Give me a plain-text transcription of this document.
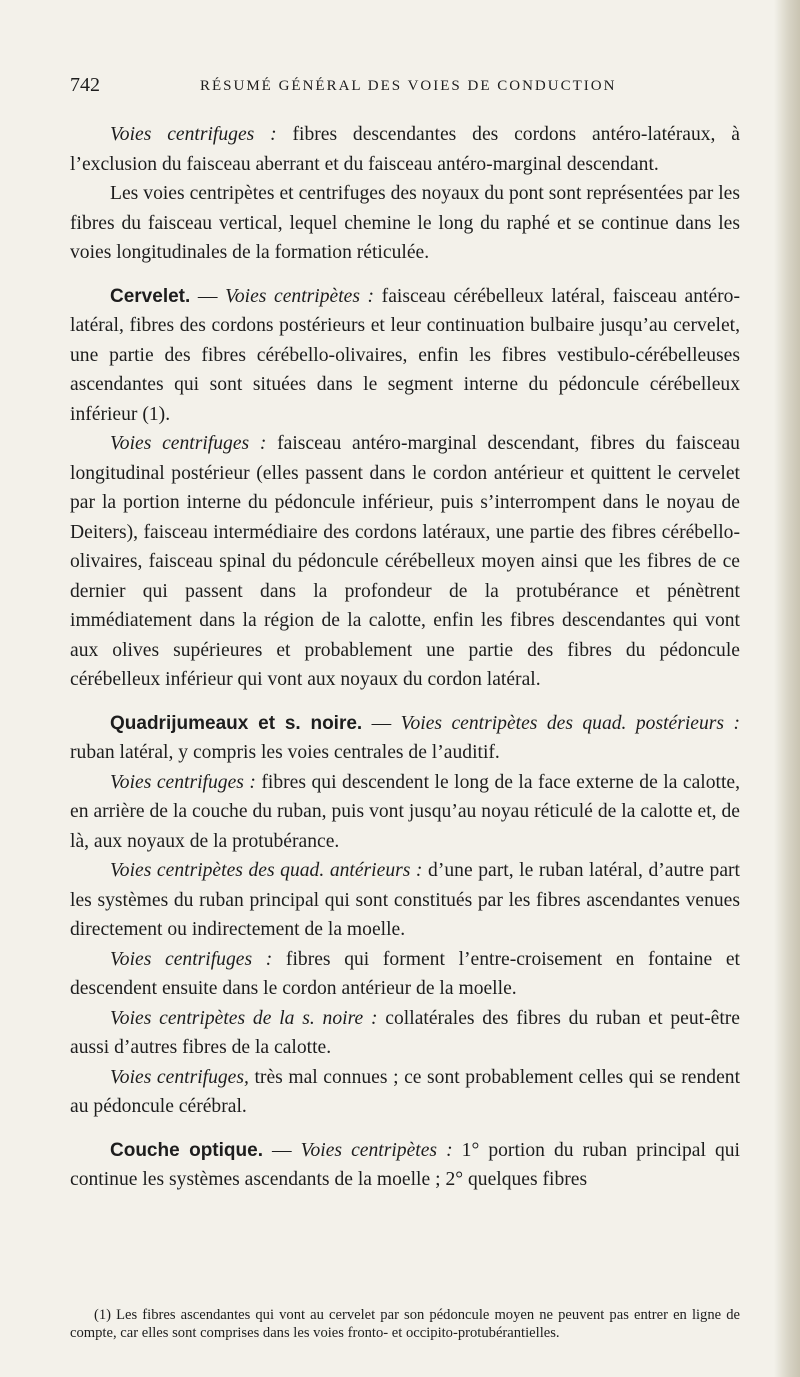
742	RÉSUMÉ GÉNÉRAL DES VOIES DE CONDUCTION

Voies centrifuges : fibres descendantes des cordons antéro-latéraux, à l’exclusion du faisceau aberrant et du faisceau antéro-marginal descendant.

Les voies centripètes et centrifuges des noyaux du pont sont représentées par les fibres du faisceau vertical, lequel chemine le long du raphé et se continue dans les voies longitudinales de la formation réticulée.

Cervelet. — Voies centripètes : faisceau cérébelleux latéral, faisceau antéro-latéral, fibres des cordons postérieurs et leur continuation bulbaire jusqu’au cervelet, une partie des fibres cérébello-olivaires, enfin les fibres vestibulo-cérébelleuses ascendantes qui sont situées dans le segment interne du pédoncule cérébelleux inférieur (1).

Voies centrifuges : faisceau antéro-marginal descendant, fibres du faisceau longitudinal postérieur (elles passent dans le cordon antérieur et quittent le cervelet par la portion interne du pédoncule inférieur, puis s’interrompent dans le noyau de Deiters), faisceau intermédiaire des cordons latéraux, une partie des fibres cérébello-olivaires, faisceau spinal du pédoncule cérébelleux moyen ainsi que les fibres de ce dernier qui passent dans la profondeur de la protubérance et pénètrent immédiatement dans la région de la calotte, enfin les fibres descendantes qui vont aux olives supérieures et probablement une partie des fibres du pédoncule cérébelleux inférieur qui vont aux noyaux du cordon latéral.

Quadrijumeaux et s. noire. — Voies centripètes des quad. postérieurs : ruban latéral, y compris les voies centrales de l’auditif.

Voies centrifuges : fibres qui descendent le long de la face externe de la calotte, en arrière de la couche du ruban, puis vont jusqu’au noyau réticulé de la calotte et, de là, aux noyaux de la protubérance.

Voies centripètes des quad. antérieurs : d’une part, le ruban latéral, d’autre part les systèmes du ruban principal qui sont constitués par les fibres ascendantes venues directement ou indirectement de la moelle.

Voies centrifuges : fibres qui forment l’entre-croisement en fontaine et descendent ensuite dans le cordon antérieur de la moelle.

Voies centripètes de la s. noire : collatérales des fibres du ruban et peut-être aussi d’autres fibres de la calotte.

Voies centrifuges, très mal connues ; ce sont probablement celles qui se rendent au pédoncule cérébral.

Couche optique. — Voies centripètes : 1° portion du ruban principal qui continue les systèmes ascendants de la moelle ; 2° quelques fibres

(1) Les fibres ascendantes qui vont au cervelet par son pédoncule moyen ne peuvent pas entrer en ligne de compte, car elles sont comprises dans les voies fronto- et occipito-protubérantielles.
